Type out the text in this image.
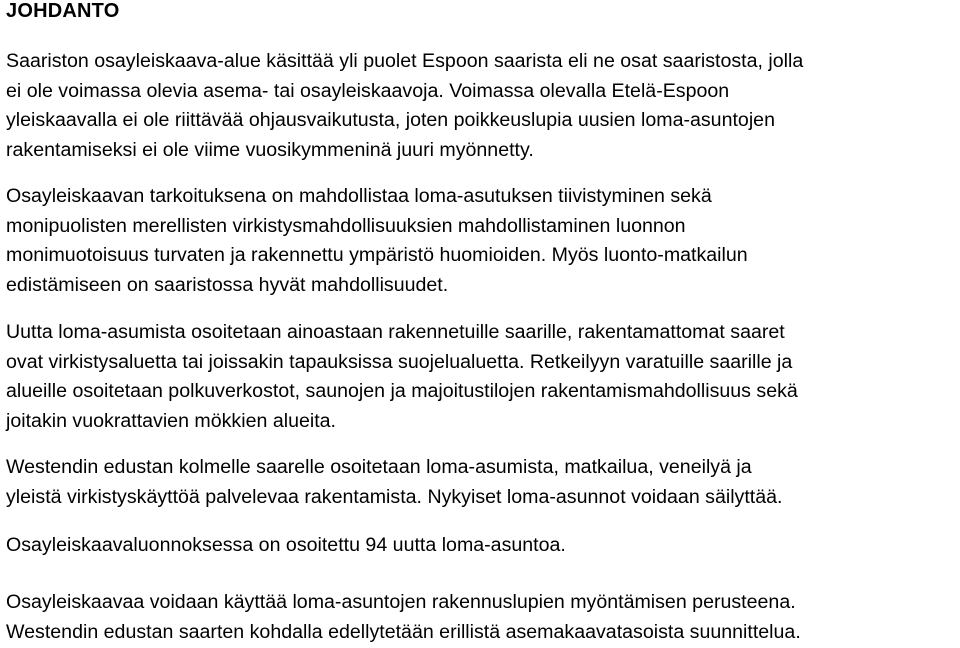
JOHDANTO

Saariston osayleiskaava-alue käsittää yli puolet Espoon saarista eli ne osat saaristosta, jolla
ei ole voimassa olevia asema- tai osayleiskaavoja. Voimassa olevalla Etelä-Espoon
yleiskaavalla ei ole riittävää ohjausvaikutusta, joten poikkeuslupia uusien loma-asuntojen
rakentamiseksi ei ole viime vuosikymmeninä juuri myönnetty.

Osayleiskaavan tarkoituksena on mahdollistaa loma-asutuksen tiivistyminen sekä
monipuolisten merellisten virkistysmahdollisuuksien mahdollistaminen luonnon
monimuotoisuus turvaten ja rakennettu ympäristö huomioiden. Myös luonto-matkailun
edistämiseen on saaristossa hyvät mahdollisuudet.

Uutta loma-asumista osoitetaan ainoastaan rakennetuille saarille, rakentamattomat saaret
ovat virkistysaluetta tai joissakin tapauksissa suojelualuetta. Retkeilyyn varatuille saarille ja
alueille osoitetaan polkuverkostot, saunojen ja majoitustilojen rakentamismahdollisuus sekä
joitakin vuokrattavien mökkien alueita.

Westendin edustan kolmelle saarelle osoitetaan loma-asumista, matkailua, veneilyä ja
yleistä virkistyskäyttöä palvelevaa rakentamista. Nykyiset loma-asunnot voidaan säilyttää.

Osayleiskaavaluonnoksessa on osoitettu 94 uutta loma-asuntoa.

Osayleiskaavaa voidaan käyttää loma-asuntojen rakennuslupien myöntämisen perusteena.
Westendin edustan saarten kohdalla edellytetään erillistä asemakaavatasoista suunnittelua.
